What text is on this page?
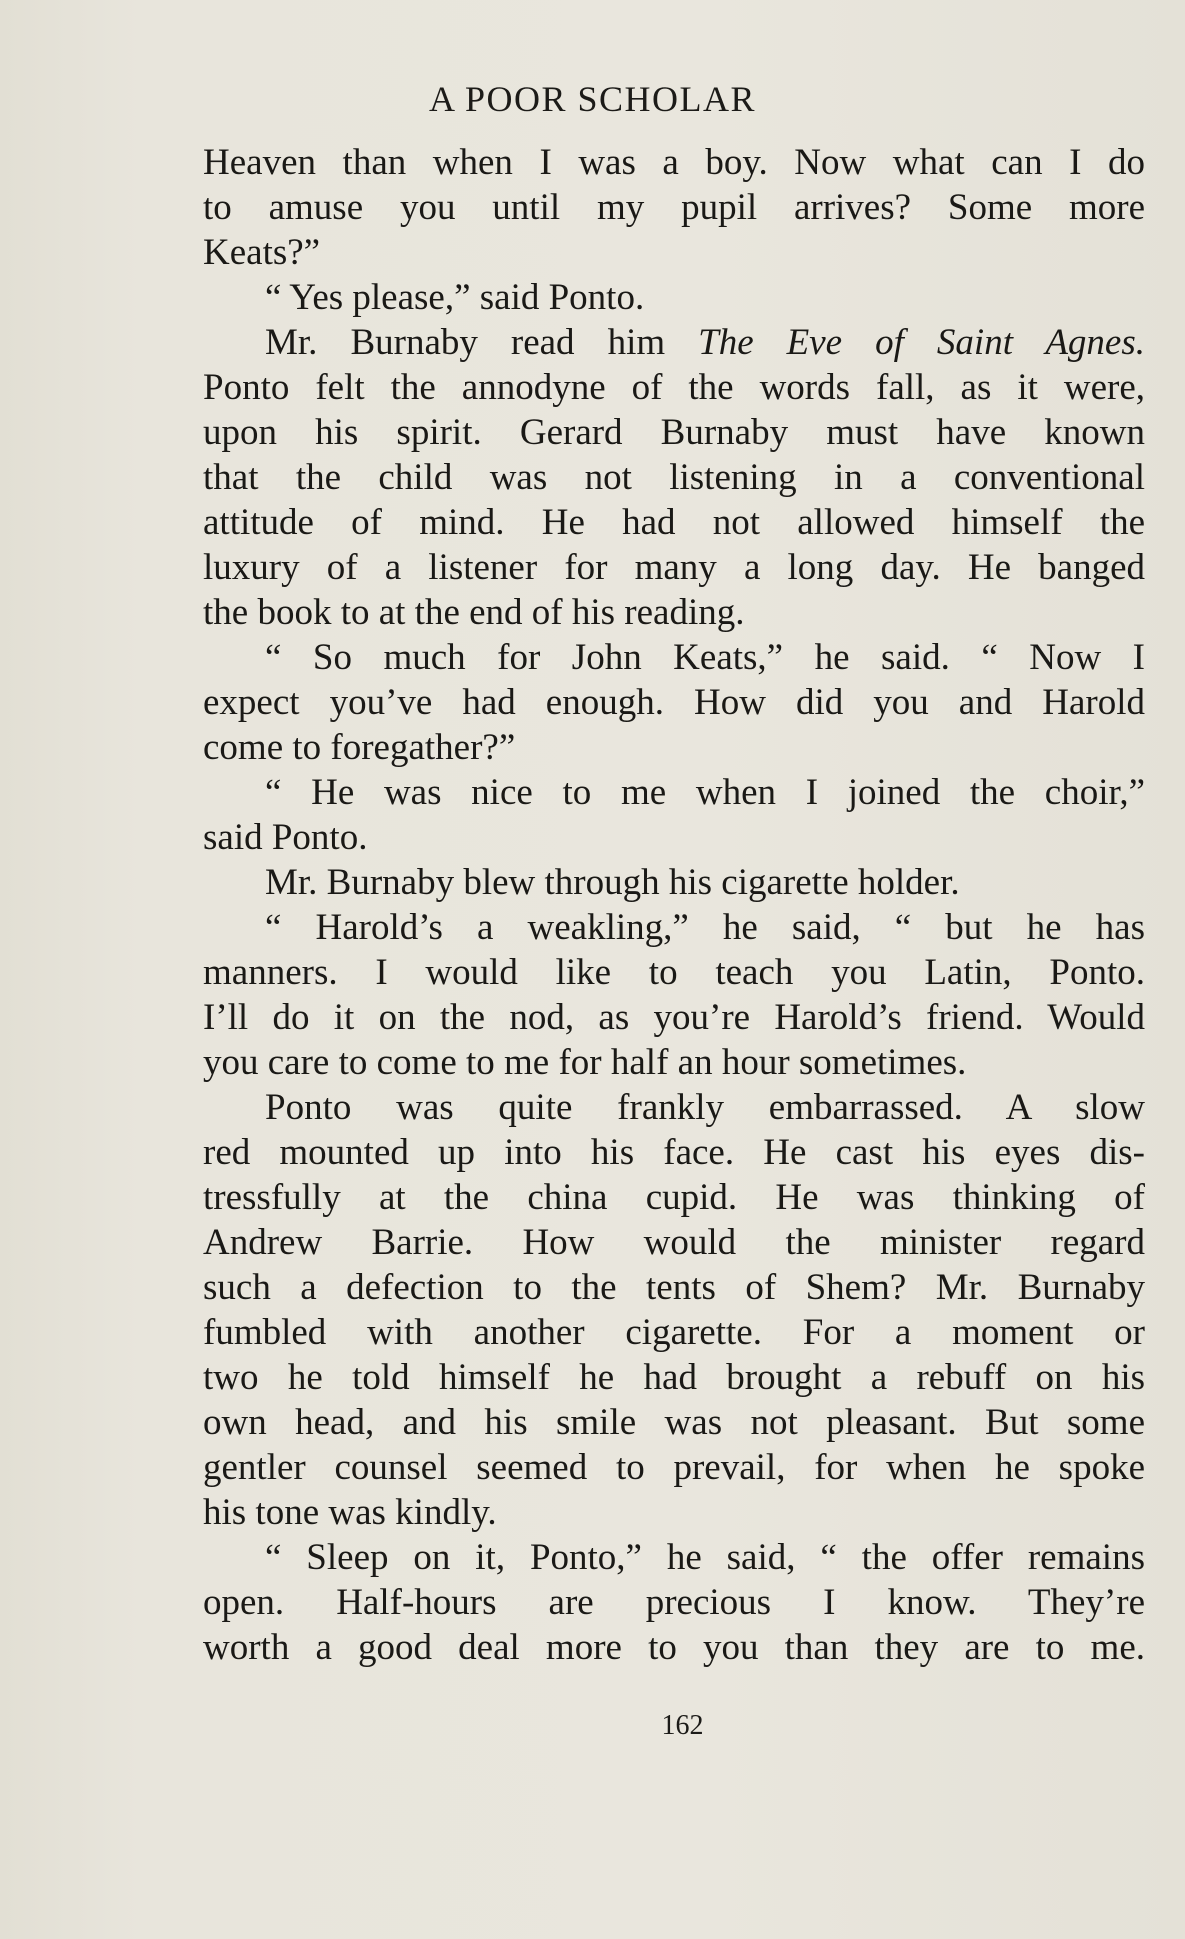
A POOR SCHOLAR
Heaven than when I was a boy. Now what can I do
to amuse you until my pupil arrives? Some more
Keats?”
“ Yes please,” said Ponto.
Mr. Burnaby read him The Eve of Saint Agnes.
Ponto felt the annodyne of the words fall, as it were,
upon his spirit. Gerard Burnaby must have known
that the child was not listening in a conventional
attitude of mind. He had not allowed himself the
luxury of a listener for many a long day. He banged
the book to at the end of his reading.
“ So much for John Keats,” he said. “ Now I
expect you’ve had enough. How did you and Harold
come to foregather?”
“ He was nice to me when I joined the choir,”
said Ponto.
Mr. Burnaby blew through his cigarette holder.
“ Harold’s a weakling,” he said, “ but he has
manners. I would like to teach you Latin, Ponto.
I’ll do it on the nod, as you’re Harold’s friend. Would
you care to come to me for half an hour sometimes.
Ponto was quite frankly embarrassed. A slow
red mounted up into his face. He cast his eyes dis-
tressfully at the china cupid. He was thinking of
Andrew Barrie. How would the minister regard
such a defection to the tents of Shem? Mr. Burnaby
fumbled with another cigarette. For a moment or
two he told himself he had brought a rebuff on his
own head, and his smile was not pleasant. But some
gentler counsel seemed to prevail, for when he spoke
his tone was kindly.
“ Sleep on it, Ponto,” he said, “ the offer remains
open. Half-hours are precious I know. They’re
worth a good deal more to you than they are to me.
162
